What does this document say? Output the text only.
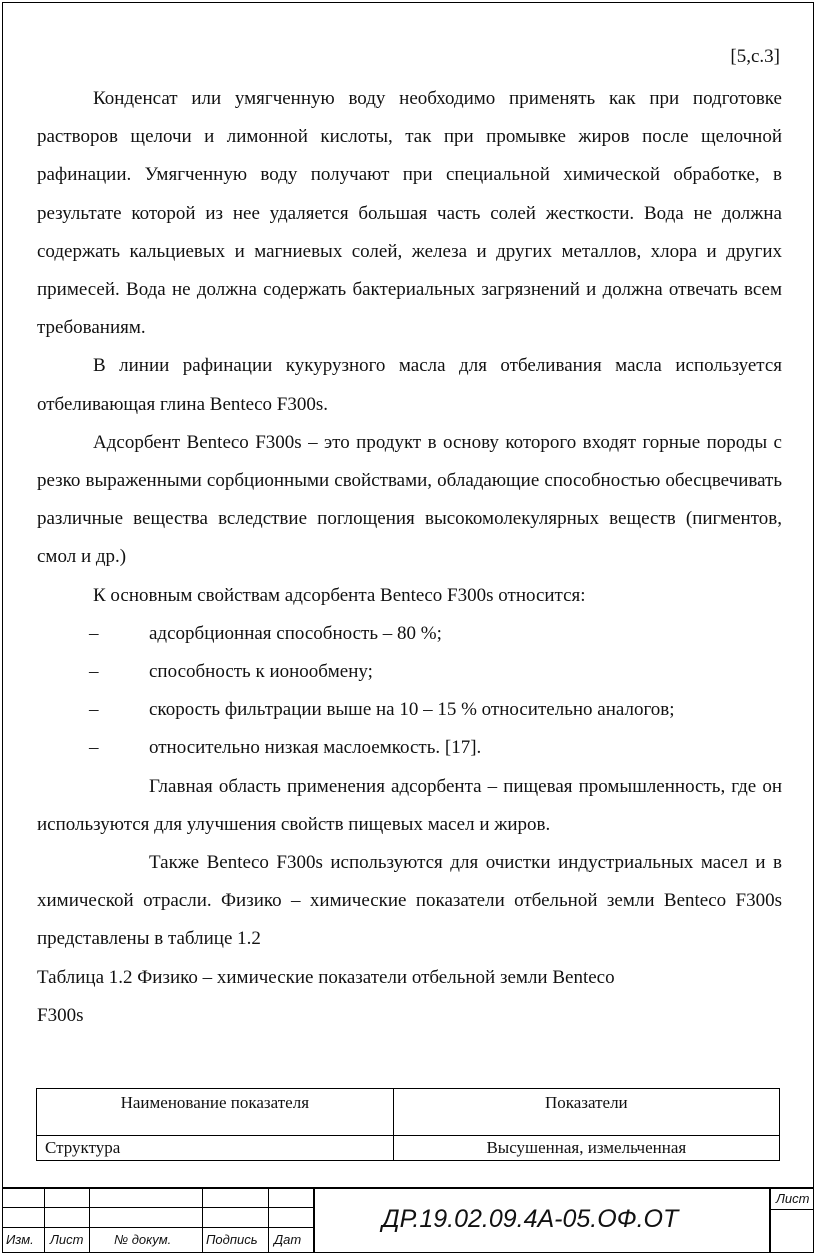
[5,с.3]

Конденсат или умягченную воду необходимо применять как при подготовке растворов щелочи и лимонной кислоты, так при промывке жиров после щелочной рафинации. Умягченную воду получают при специальной химической обработке, в результате которой из нее удаляется большая часть солей жесткости. Вода не должна содержать кальциевых и магниевых солей, железа и других металлов, хлора и других примесей. Вода не должна содержать бактериальных загрязнений и должна отвечать всем требованиям.

В линии рафинации кукурузного масла для отбеливания масла используется отбеливающая глина Benteco F300s.

Адсорбент Benteco F300s – это продукт в основу которого входят горные породы с резко выраженными сорбционными свойствами, обладающие способностью обесцвечивать различные вещества вследствие поглощения высокомолекулярных веществ (пигментов, смол и др.)

К основным свойствам адсорбента Benteco F300s относится:

–	адсорбционная способность – 80 %;
–	способность к ионообмену;
–	скорость фильтрации выше на 10 – 15 % относительно аналогов;
–	относительно низкая маслоемкость. [17].

Главная область применения адсорбента – пищевая промышленность, где он используются для улучшения свойств пищевых масел и жиров.

Также Benteco F300s используются для очистки индустриальных масел и в химической отрасли. Физико – химические показатели отбельной земли Benteco F300s представлены в таблице 1.2

Таблица 1.2 Физико – химические показатели отбельной земли Benteco
F300s

Наименование показателя	Показатели
Структура	Высушенная, измельченная
Изм. Лист № докум.	Подпись Дат
Лист
ДР.19.02.09.4А-05.ОФ.ОТ
